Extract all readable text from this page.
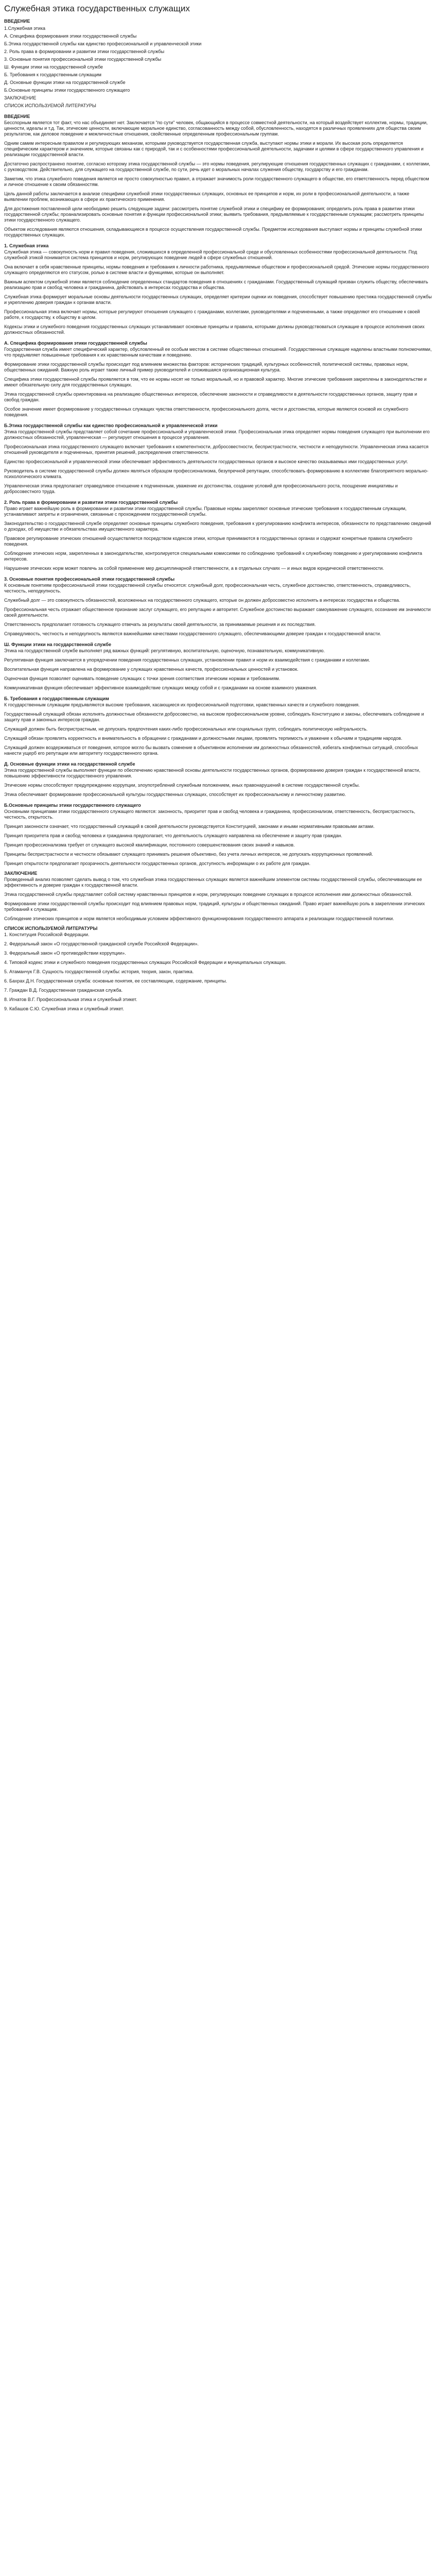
Служебная этика государственных служащих
ВВЕДЕНИЕ
1.Служебная этика
А. Специфика формирования этики государственной службы
Б.Этика государственной службы как единство профессиональной и управленческой этики
2. Роль права в формировании и развитии этики государственной службы
3. Основные понятия профессиональной этики государственной службы
Ш. Функции этики на государственной службе
Б. Требования к государственным служащим
Д. Основные функции этики на государственной службе
Б.Основные принципы этики государственного служащего
ЗАКЛЮЧЕНИЕ
СПИСОК ИСПОЛЬЗУЕМОЙ ЛИТЕРАТУРЫ
ВВЕДЕНИЕ

Бесспорным является тот факт, что нас объединяет нет. Заключается "по сути" человек, общающийся в процессе совместной деятельности, на который воздействует коллектив, нормы, традиции, ценности, идеалы и т.д. Так, этические ценности, включающие моральное единство, согласованность между собой, обусловленность, находятся в различных проявлениях для общества своим результатом, как деловое поведение и межличностные отношения, свойственные определенным профессиональным группам.

Одним самим интересным правилом и регулирующих механизм, которыми руководствуется государственная служба, выступают нормы этики и морали. Их высокая роль определяется специфическим характером и значением, которые связаны как с природой, так и с особенностями профессиональной деятельности, задачами и целями в сфере государственного управления и реализации государственной власти.

Достаточно распространено понятие, согласно которому этика государственной службы — это нормы поведения, регулирующие отношения государственных служащих с гражданами, с коллегами, с руководством. Действительно, для служащего на государственной службе, по сути, речь идет о моральных началах служения обществу, государству и его гражданам.

Заметим, что этика служебного поведения является не просто совокупностью правил, а отражает значимость роли государственного служащего в обществе, его ответственность перед обществом и личное отношение к своим обязанностям.

Цель данной работы заключается в анализе специфики служебной этики государственных служащих, основных ее принципов и норм, их роли в профессиональной деятельности, а также выявлении проблем, возникающих в сфере их практического применения.

Для достижения поставленной цели необходимо решить следующие задачи: рассмотреть понятие служебной этики и специфику ее формирования; определить роль права в развитии этики государственной службы; проанализировать основные понятия и функции профессиональной этики; выявить требования, предъявляемые к государственным служащим; рассмотреть принципы этики государственного служащего.

Объектом исследования являются отношения, складывающиеся в процессе осуществления государственной службы. Предметом исследования выступают нормы и принципы служебной этики государственных служащих.

1. Служебная этика

Служебная этика — совокупность норм и правил поведения, сложившихся в определенной профессиональной среде и обусловленных особенностями профессиональной деятельности. Под служебной этикой понимается система принципов и норм, регулирующих поведение людей в сфере служебных отношений.

Она включает в себя нравственные принципы, нормы поведения и требования к личности работника, предъявляемые обществом и профессиональной средой. Этические нормы государственного служащего определяются его статусом, ролью в системе власти и функциями, которые он выполняет.

Важным аспектом служебной этики является соблюдение определенных стандартов поведения в отношениях с гражданами. Государственный служащий призван служить обществу, обеспечивать реализацию прав и свобод человека и гражданина, действовать в интересах государства и общества.

Служебная этика формирует моральные основы деятельности государственных служащих, определяет критерии оценки их поведения, способствует повышению престижа государственной службы и укреплению доверия граждан к органам власти.

Профессиональная этика включает нормы, которые регулируют отношения служащего с гражданами, коллегами, руководителями и подчиненными, а также определяют его отношение к своей работе, к государству, к обществу в целом.

Кодексы этики и служебного поведения государственных служащих устанавливают основные принципы и правила, которыми должны руководствоваться служащие в процессе исполнения своих должностных обязанностей.

А. Специфика формирования этики государственной службы

Государственная служба имеет специфический характер, обусловленный ее особым местом в системе общественных отношений. Государственные служащие наделены властными полномочиями, что предъявляет повышенные требования к их нравственным качествам и поведению.

Формирование этики государственной службы происходит под влиянием множества факторов: исторических традиций, культурных особенностей, политической системы, правовых норм, общественных ожиданий. Важную роль играет также личный пример руководителей и сложившаяся организационная культура.

Специфика этики государственной службы проявляется в том, что ее нормы носят не только моральный, но и правовой характер. Многие этические требования закреплены в законодательстве и имеют обязательную силу для государственных служащих.

Этика государственной службы ориентирована на реализацию общественных интересов, обеспечение законности и справедливости в деятельности государственных органов, защиту прав и свобод граждан.

Особое значение имеет формирование у государственных служащих чувства ответственности, профессионального долга, чести и достоинства, которые являются основой их служебного поведения.

Б.Этика государственной службы как единство профессиональной и управленческой этики

Этика государственной службы представляет собой сочетание профессиональной и управленческой этики. Профессиональная этика определяет нормы поведения служащего при выполнении его должностных обязанностей, управленческая — регулирует отношения в процессе управления.

Профессиональная этика государственного служащего включает требования к компетентности, добросовестности, беспристрастности, честности и неподкупности. Управленческая этика касается отношений руководителя и подчиненных, принятия решений, распределения ответственности.

Единство профессиональной и управленческой этики обеспечивает эффективность деятельности государственных органов и высокое качество оказываемых ими государственных услуг.

Руководитель в системе государственной службы должен являться образцом профессионализма, безупречной репутации, способствовать формированию в коллективе благоприятного морально-психологического климата.

Управленческая этика предполагает справедливое отношение к подчиненным, уважение их достоинства, создание условий для профессионального роста, поощрение инициативы и добросовестного труда.

2. Роль права в формировании и развитии этики государственной службы

Право играет важнейшую роль в формировании и развитии этики государственной службы. Правовые нормы закрепляют основные этические требования к государственным служащим, устанавливают запреты и ограничения, связанные с прохождением государственной службы.

Законодательство о государственной службе определяет основные принципы служебного поведения, требования к урегулированию конфликта интересов, обязанности по представлению сведений о доходах, об имуществе и обязательствах имущественного характера.

Правовое регулирование этических отношений осуществляется посредством кодексов этики, которые принимаются в государственных органах и содержат конкретные правила служебного поведения.

Соблюдение этических норм, закрепленных в законодательстве, контролируется специальными комиссиями по соблюдению требований к служебному поведению и урегулированию конфликта интересов.

Нарушение этических норм может повлечь за собой применение мер дисциплинарной ответственности, а в отдельных случаях — и иных видов юридической ответственности.

3. Основные понятия профессиональной этики государственной службы

К основным понятиям профессиональной этики государственной службы относятся: служебный долг, профессиональная честь, служебное достоинство, ответственность, справедливость, честность, неподкупность.

Служебный долг — это совокупность обязанностей, возложенных на государственного служащего, которые он должен добросовестно исполнять в интересах государства и общества.

Профессиональная честь отражает общественное признание заслуг служащего, его репутацию и авторитет. Служебное достоинство выражает самоуважение служащего, осознание им значимости своей деятельности.

Ответственность предполагает готовность служащего отвечать за результаты своей деятельности, за принимаемые решения и их последствия.

Справедливость, честность и неподкупность являются важнейшими качествами государственного служащего, обеспечивающими доверие граждан к государственной власти.

Ш. Функции этики на государственной службе

Этика на государственной службе выполняет ряд важных функций: регулятивную, воспитательную, оценочную, познавательную, коммуникативную.

Регулятивная функция заключается в упорядочении поведения государственных служащих, установлении правил и норм их взаимодействия с гражданами и коллегами.

Воспитательная функция направлена на формирование у служащих нравственных качеств, профессиональных ценностей и установок.

Оценочная функция позволяет оценивать поведение служащих с точки зрения соответствия этическим нормам и требованиям.

Коммуникативная функция обеспечивает эффективное взаимодействие служащих между собой и с гражданами на основе взаимного уважения.

Б. Требования к государственным служащим

К государственным служащим предъявляются высокие требования, касающиеся их профессиональной подготовки, нравственных качеств и служебного поведения.

Государственный служащий обязан исполнять должностные обязанности добросовестно, на высоком профессиональном уровне, соблюдать Конституцию и законы, обеспечивать соблюдение и защиту прав и законных интересов граждан.

Служащий должен быть беспристрастным, не допускать предпочтения каких-либо профессиональных или социальных групп, соблюдать политическую нейтральность.

Служащий обязан проявлять корректность и внимательность в обращении с гражданами и должностными лицами, проявлять терпимость и уважение к обычаям и традициям народов.

Служащий должен воздерживаться от поведения, которое могло бы вызвать сомнение в объективном исполнении им должностных обязанностей, избегать конфликтных ситуаций, способных нанести ущерб его репутации или авторитету государственного органа.

Д. Основные функции этики на государственной службе

Этика государственной службы выполняет функции по обеспечению нравственной основы деятельности государственных органов, формированию доверия граждан к государственной власти, повышению эффективности государственного управления.

Этические нормы способствуют предупреждению коррупции, злоупотреблений служебным положением, иных правонарушений в системе государственной службы.

Этика обеспечивает формирование профессиональной культуры государственных служащих, способствует их профессиональному и личностному развитию.

Б.Основные принципы этики государственного служащего

Основными принципами этики государственного служащего являются: законность, приоритет прав и свобод человека и гражданина, профессионализм, ответственность, беспристрастность, честность, открытость.

Принцип законности означает, что государственный служащий в своей деятельности руководствуется Конституцией, законами и иными нормативными правовыми актами.

Принцип приоритета прав и свобод человека и гражданина предполагает, что деятельность служащего направлена на обеспечение и защиту прав граждан.

Принцип профессионализма требует от служащего высокой квалификации, постоянного совершенствования своих знаний и навыков.

Принципы беспристрастности и честности обязывают служащего принимать решения объективно, без учета личных интересов, не допускать коррупционных проявлений.

Принцип открытости предполагает прозрачность деятельности государственных органов, доступность информации о их работе для граждан.

ЗАКЛЮЧЕНИЕ

Проведенный анализ позволяет сделать вывод о том, что служебная этика государственных служащих является важнейшим элементом системы государственной службы, обеспечивающим ее эффективность и доверие граждан к государственной власти.

Этика государственной службы представляет собой систему нравственных принципов и норм, регулирующих поведение служащих в процессе исполнения ими должностных обязанностей.

Формирование этики государственной службы происходит под влиянием правовых норм, традиций, культуры и общественных ожиданий. Право играет важнейшую роль в закреплении этических требований к служащим.

Соблюдение этических принципов и норм является необходимым условием эффективного функционирования государственного аппарата и реализации государственной политики.

СПИСОК ИСПОЛЬЗУЕМОЙ ЛИТЕРАТУРЫ

1. Конституция Российской Федерации.

2. Федеральный закон «О государственной гражданской службе Российской Федерации».

3. Федеральный закон «О противодействии коррупции».

4. Типовой кодекс этики и служебного поведения государственных служащих Российской Федерации и муниципальных служащих.

5. Атаманчук Г.В. Сущность государственной службы: история, теория, закон, практика.

6. Бахрах Д.Н. Государственная служба: основные понятия, ее составляющие, содержание, принципы.

7. Граждан В.Д. Государственная гражданская служба.

8. Игнатов В.Г. Профессиональная этика и служебный этикет.

9. Кабашов С.Ю. Служебная этика и служебный этикет.
